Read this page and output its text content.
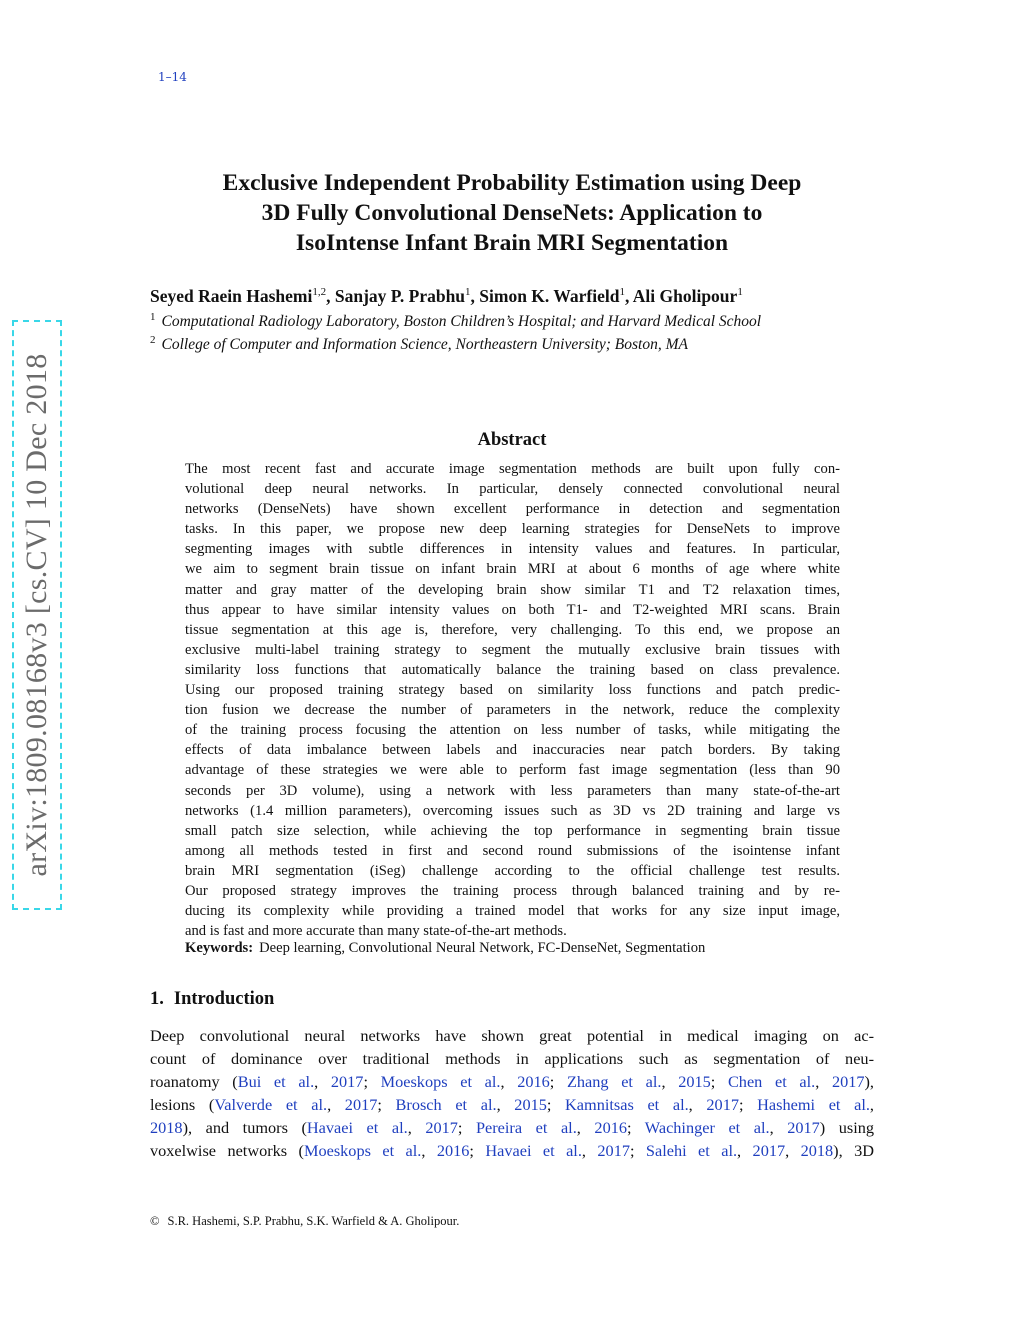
1–14
arXiv:1809.08168v3 [cs.CV] 10 Dec 2018
Exclusive Independent Probability Estimation using Deep
3D Fully Convolutional DenseNets: Application to
IsoIntense Infant Brain MRI Segmentation
Seyed Raein Hashemi$^{1,2}$, Sanjay P. Prabhu$^1$, Simon K. Warfield$^1$, Ali Gholipour$^1$
$^1$ Computational Radiology Laboratory, Boston Children’s Hospital; and Harvard Medical School
$^2$ College of Computer and Information Science, Northeastern University; Boston, MA
Abstract
The most recent fast and accurate image segmentation methods are built upon fully con-
volutional deep neural networks. In particular, densely connected convolutional neural
networks (DenseNets) have shown excellent performance in detection and segmentation
tasks. In this paper, we propose new deep learning strategies for DenseNets to improve
segmenting images with subtle differences in intensity values and features. In particular,
we aim to segment brain tissue on infant brain MRI at about 6 months of age where white
matter and gray matter of the developing brain show similar T1 and T2 relaxation times,
thus appear to have similar intensity values on both T1- and T2-weighted MRI scans. Brain
tissue segmentation at this age is, therefore, very challenging. To this end, we propose an
exclusive multi-label training strategy to segment the mutually exclusive brain tissues with
similarity loss functions that automatically balance the training based on class prevalence.
Using our proposed training strategy based on similarity loss functions and patch predic-
tion fusion we decrease the number of parameters in the network, reduce the complexity
of the training process focusing the attention on less number of tasks, while mitigating the
effects of data imbalance between labels and inaccuracies near patch borders. By taking
advantage of these strategies we were able to perform fast image segmentation (less than 90
seconds per 3D volume), using a network with less parameters than many state-of-the-art
networks (1.4 million parameters), overcoming issues such as 3D vs 2D training and large vs
small patch size selection, while achieving the top performance in segmenting brain tissue
among all methods tested in first and second round submissions of the isointense infant
brain MRI segmentation (iSeg) challenge according to the official challenge test results.
Our proposed strategy improves the training process through balanced training and by re-
ducing its complexity while providing a trained model that works for any size input image,
and is fast and more accurate than many state-of-the-art methods.
Keywords: Deep learning, Convolutional Neural Network, FC-DenseNet, Segmentation
1. Introduction
Deep convolutional neural networks have shown great potential in medical imaging on ac-
count of dominance over traditional methods in applications such as segmentation of neu-
roanatomy (Bui et al., 2017; Moeskops et al., 2016; Zhang et al., 2015; Chen et al., 2017),
lesions (Valverde et al., 2017; Brosch et al., 2015; Kamnitsas et al., 2017; Hashemi et al.,
2018), and tumors (Havaei et al., 2017; Pereira et al., 2016; Wachinger et al., 2017) using
voxelwise networks (Moeskops et al., 2016; Havaei et al., 2017; Salehi et al., 2017, 2018), 3D
© S.R. Hashemi, S.P. Prabhu, S.K. Warfield & A. Gholipour.
